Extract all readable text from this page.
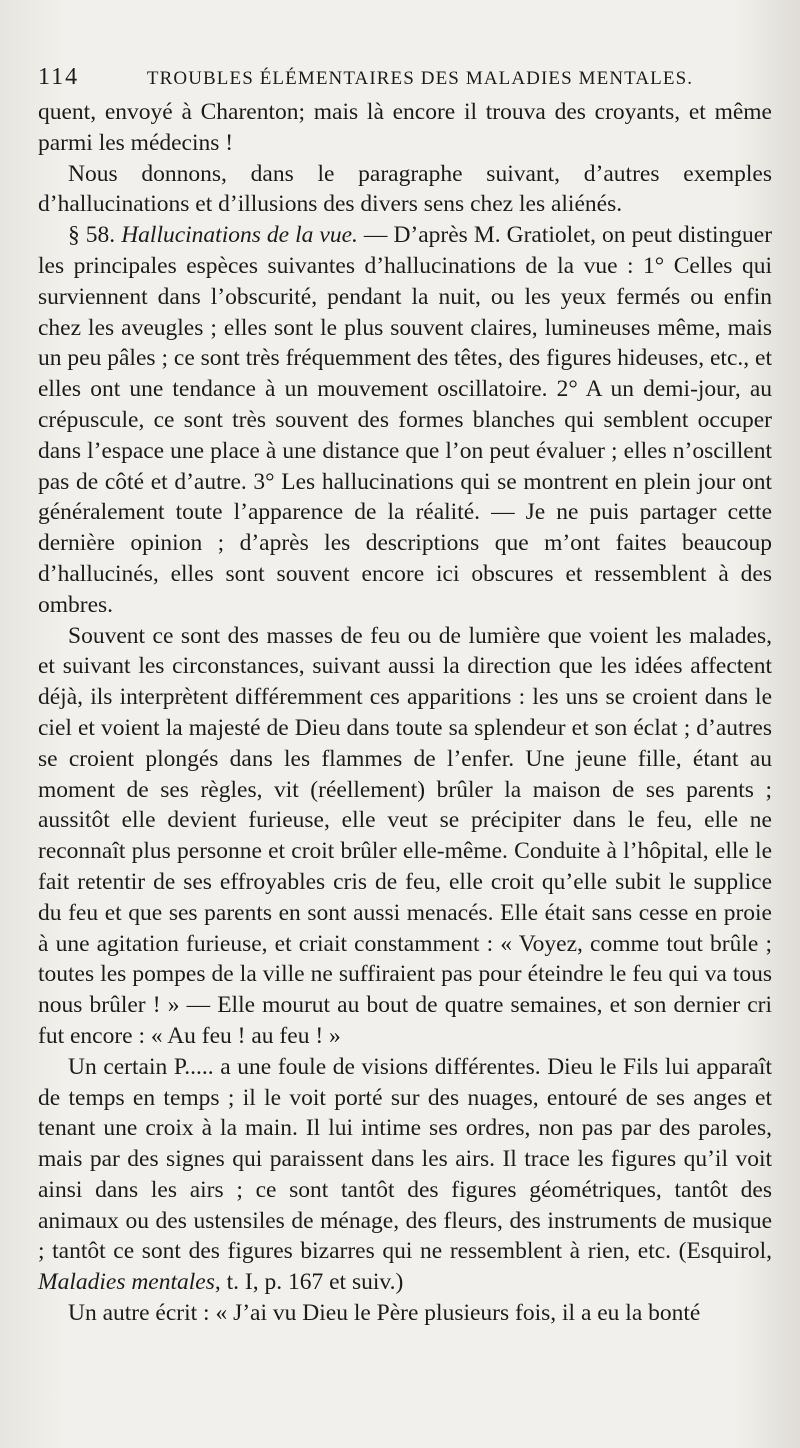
114	TROUBLES ÉLÉMENTAIRES DES MALADIES MENTALES.

quent, envoyé à Charenton; mais là encore il trouva des croyants, et même parmi les médecins !

Nous donnons, dans le paragraphe suivant, d’autres exemples d’hallucinations et d’illusions des divers sens chez les aliénés.

§ 58. Hallucinations de la vue. — D’après M. Gratiolet, on peut distinguer les principales espèces suivantes d’hallucinations de la vue : 1° Celles qui surviennent dans l’obscurité, pendant la nuit, ou les yeux fermés ou enfin chez les aveugles ; elles sont le plus souvent claires, lumineuses même, mais un peu pâles ; ce sont très fréquemment des têtes, des figures hideuses, etc., et elles ont une tendance à un mouvement oscillatoire. 2° A un demi-jour, au crépuscule, ce sont très souvent des formes blanches qui semblent occuper dans l’espace une place à une distance que l’on peut évaluer ; elles n’oscillent pas de côté et d’autre. 3° Les hallucinations qui se montrent en plein jour ont généralement toute l’apparence de la réalité. — Je ne puis partager cette dernière opinion ; d’après les descriptions que m’ont faites beaucoup d’hallucinés, elles sont souvent encore ici obscures et ressemblent à des ombres.

Souvent ce sont des masses de feu ou de lumière que voient les malades, et suivant les circonstances, suivant aussi la direction que les idées affectent déjà, ils interprètent différemment ces apparitions : les uns se croient dans le ciel et voient la majesté de Dieu dans toute sa splendeur et son éclat ; d’autres se croient plongés dans les flammes de l’enfer. Une jeune fille, étant au moment de ses règles, vit (réellement) brûler la maison de ses parents ; aussitôt elle devient furieuse, elle veut se précipiter dans le feu, elle ne reconnaît plus personne et croit brûler elle-même. Conduite à l’hôpital, elle le fait retentir de ses effroyables cris de feu, elle croit qu’elle subit le supplice du feu et que ses parents en sont aussi menacés. Elle était sans cesse en proie à une agitation furieuse, et criait constamment : « Voyez, comme tout brûle ; toutes les pompes de la ville ne suffiraient pas pour éteindre le feu qui va tous nous brûler ! » — Elle mourut au bout de quatre semaines, et son dernier cri fut encore : « Au feu ! au feu ! »

Un certain P..... a une foule de visions différentes. Dieu le Fils lui apparaît de temps en temps ; il le voit porté sur des nuages, entouré de ses anges et tenant une croix à la main. Il lui intime ses ordres, non pas par des paroles, mais par des signes qui paraissent dans les airs. Il trace les figures qu’il voit ainsi dans les airs ; ce sont tantôt des figures géométriques, tantôt des animaux ou des ustensiles de ménage, des fleurs, des instruments de musique ; tantôt ce sont des figures bizarres qui ne ressemblent à rien, etc. (Esquirol, Maladies mentales, t. I, p. 167 et suiv.)

Un autre écrit : « J’ai vu Dieu le Père plusieurs fois, il a eu la bonté
